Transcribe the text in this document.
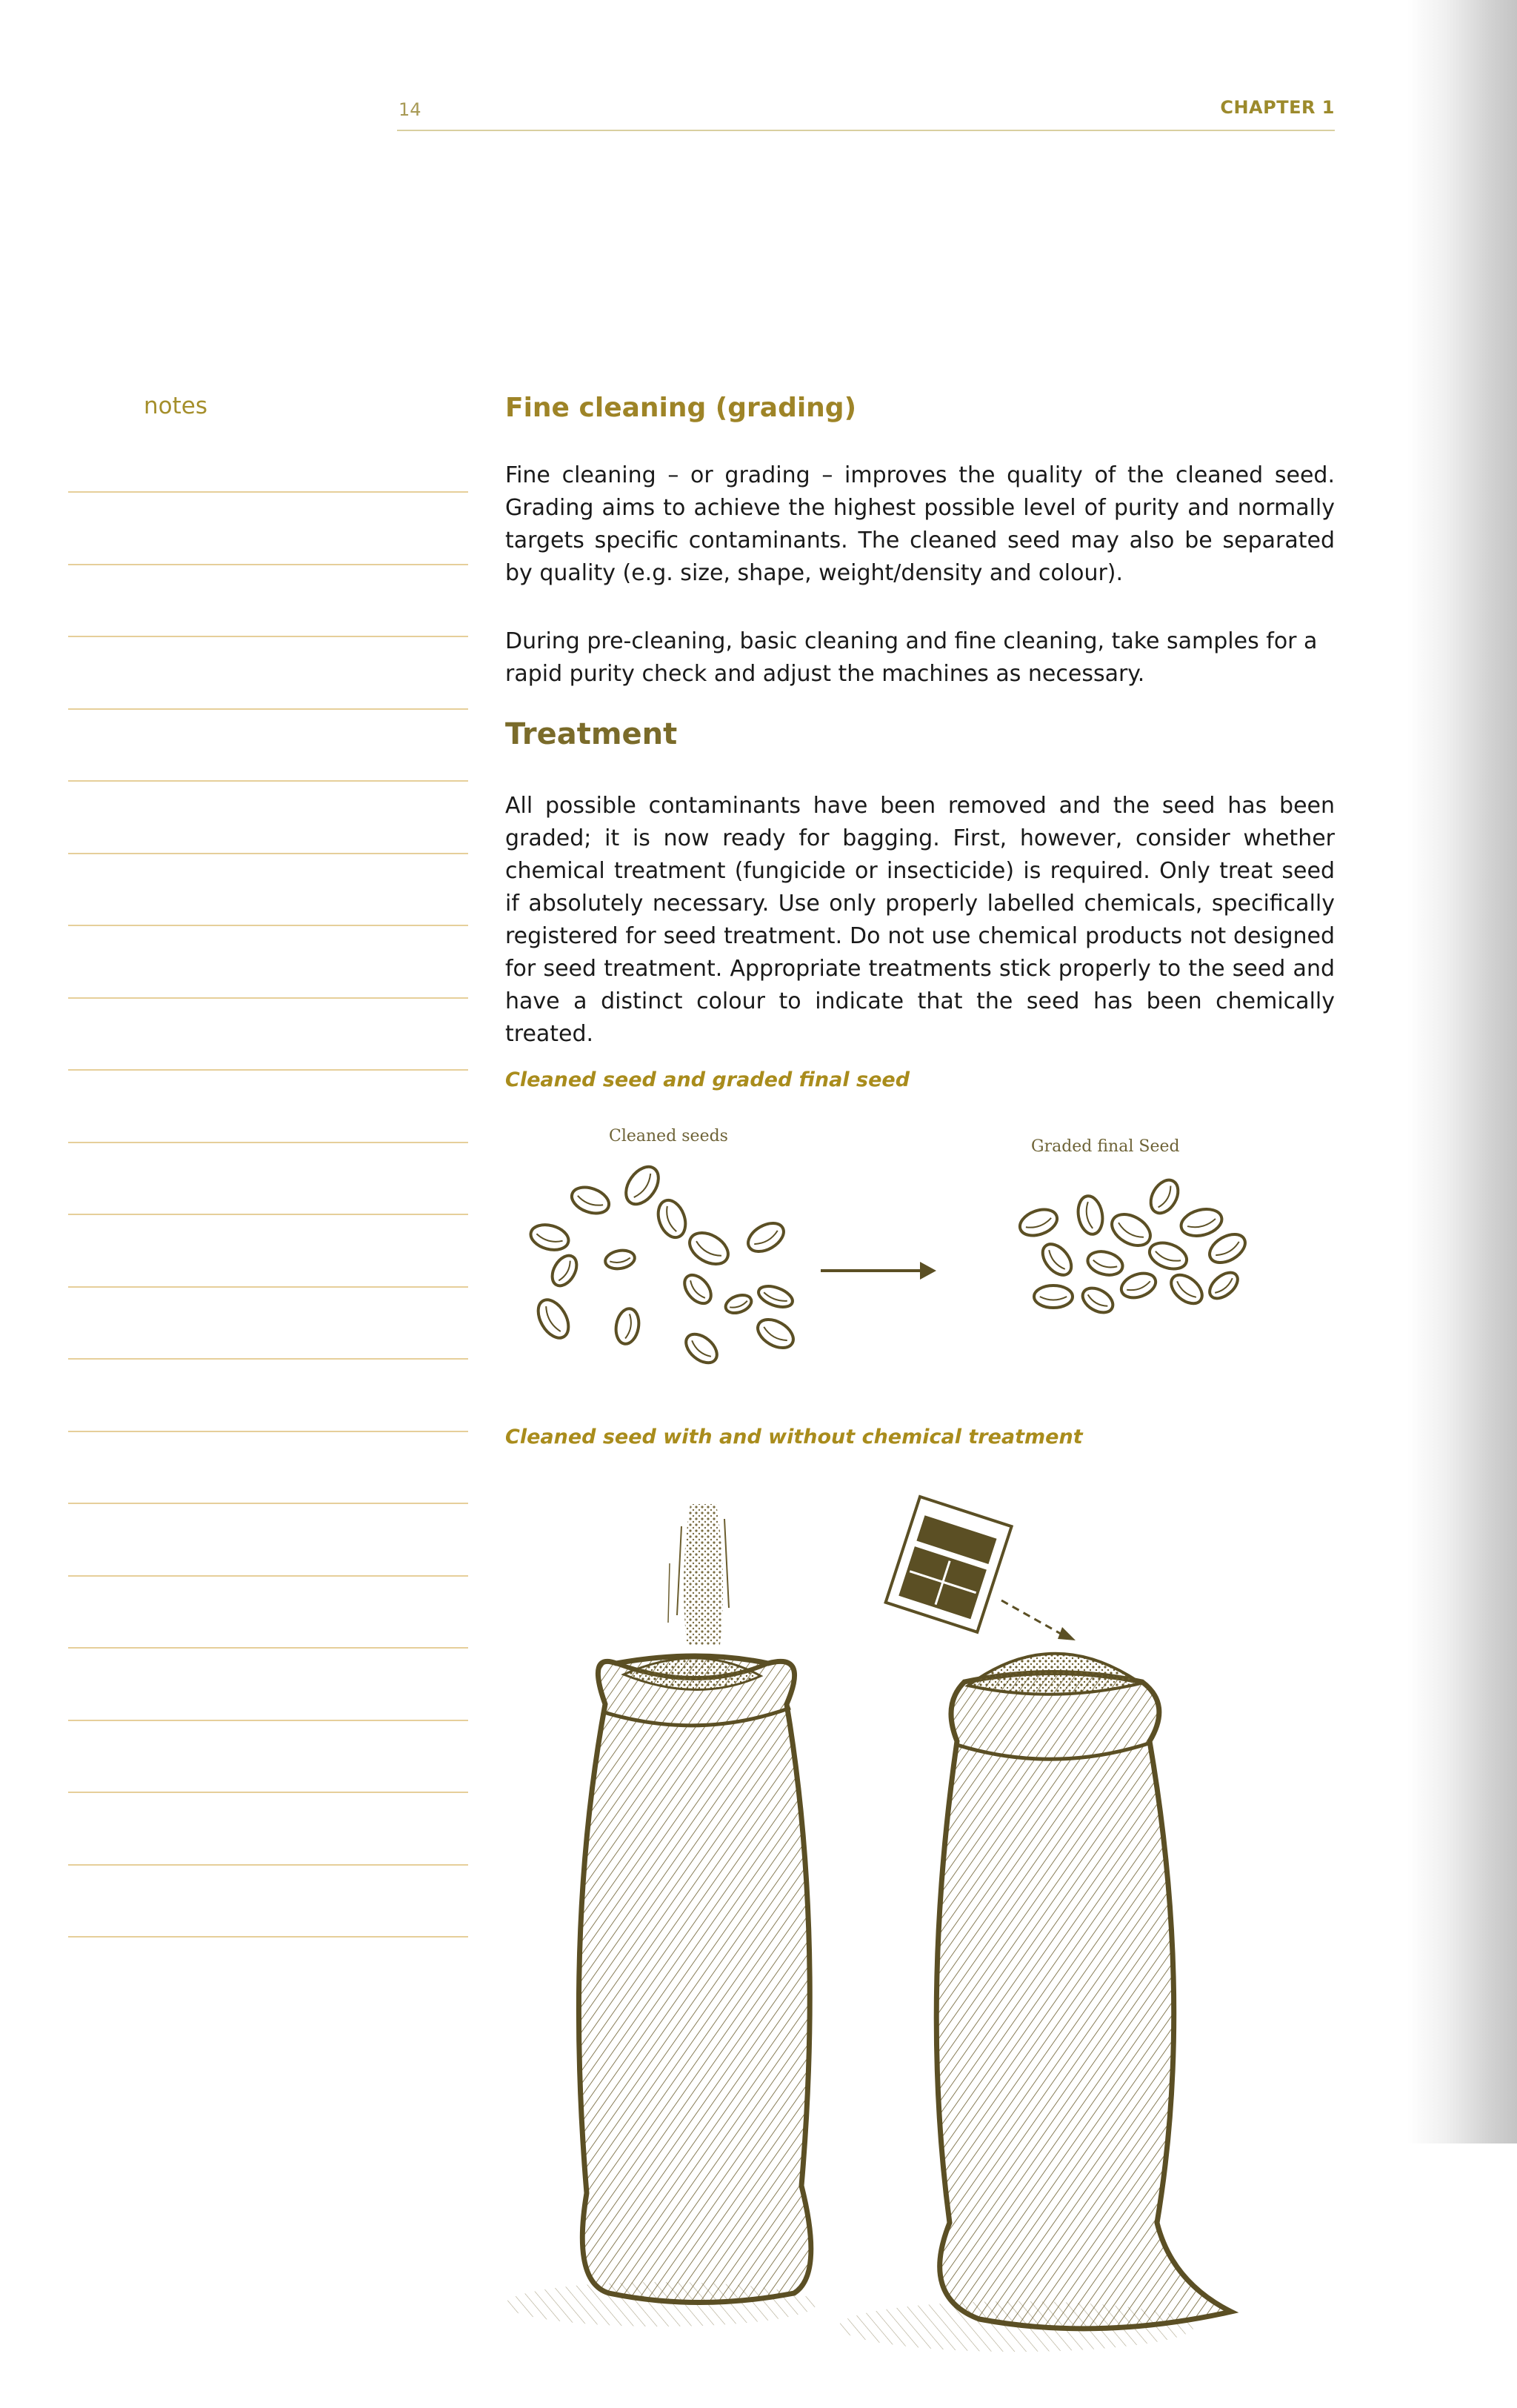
14	CHAPTER 1
notes	Fine cleaning (grading)

Fine cleaning – or grading – improves the quality of the cleaned seed. Grading aims to achieve the highest possible level of purity and normally targets specific contaminants. The cleaned seed may also be separated by quality (e.g. size, shape, weight/density and colour).

During pre-cleaning, basic cleaning and fine cleaning, take samples for a rapid purity check and adjust the machines as necessary.

Treatment

All possible contaminants have been removed and the seed has been graded; it is now ready for bagging. First, however, consider whether chemical treatment (fungicide or insecticide) is required. Only treat seed if absolutely necessary. Use only properly labelled chemicals, specifically registered for seed treatment. Do not use chemical products not designed for seed treatment. Appropriate treatments stick properly to the seed and have a distinct colour to indicate that the seed has been chemically treated.

Cleaned seed and graded final seed
Cleaned seeds
Graded final Seed
Cleaned seed with and without chemical treatment
